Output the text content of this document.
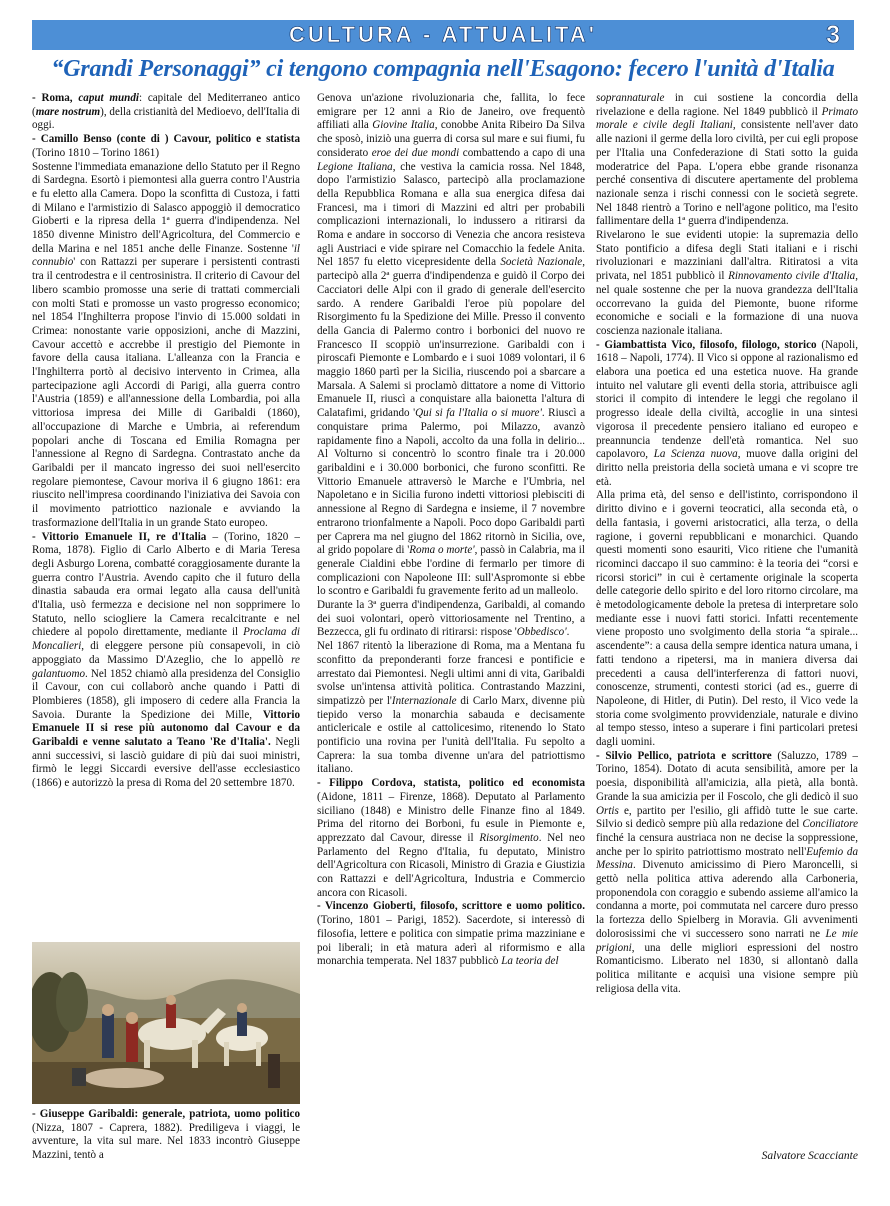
CULTURA - ATTUALITA'	3
“Grandi Personaggi” ci tengono compagnia nell'Esagono: fecero l'unità d'Italia

- Roma, caput mundi: capitale del Mediterraneo antico (mare nostrum), della cristianità del Medioevo, dell'Italia di oggi.

- Camillo Benso (conte di ) Cavour, politico e statista (Torino 1810 – Torino 1861)

Sostenne l'immediata emanazione dello Statuto per il Regno di Sardegna. Esortò i piemontesi alla guerra contro l'Austria e fu eletto alla Camera. Dopo la sconfitta di Custoza, i fatti di Milano e l'armistizio di Salasco appoggiò il democratico Gioberti e la ripresa della 1ª guerra d'indipendenza. Nel 1850 divenne Ministro dell'Agricoltura, del Commercio e della Marina e nel 1851 anche delle Finanze. Sostenne 'il connubio' con Rattazzi per superare i persistenti contrasti tra il centrodestra e il centrosinistra. Il criterio di Cavour del libero scambio promosse una serie di trattati commerciali con molti Stati e promosse un vasto progresso economico; nel 1854 l'Inghilterra propose l'invio di 15.000 soldati in Crimea: nonostante varie opposizioni, anche di Mazzini, Cavour accettò e accrebbe il prestigio del Piemonte in favore della causa italiana. L'alleanza con la Francia e l'Inghilterra portò al decisivo intervento in Crimea, alla partecipazione agli Accordi di Parigi, alla guerra contro l'Austria (1859) e all'annessione della Lombardia, poi alla vittoriosa impresa dei Mille di Garibaldi (1860), all'occupazione di Marche e Umbria, ai referendum popolari anche di Toscana ed Emilia Romagna per l'annessione al Regno di Sardegna. Contrastato anche da Garibaldi per il mancato ingresso dei suoi nell'esercito regolare piemontese, Cavour moriva il 6 giugno 1861: era riuscito nell'impresa coordinando l'iniziativa dei Savoia con il movimento patriottico nazionale e avviando la trasformazione dell'Italia in un grande Stato europeo.

- Vittorio Emanuele II, re d'Italia – (Torino, 1820 – Roma, 1878). Figlio di Carlo Alberto e di Maria Teresa degli Asburgo Lorena, combatté coraggiosamente durante la guerra contro l'Austria. Avendo capito che il futuro della dinastia sabauda era ormai legato alla causa dell'unità d'Italia, usò fermezza e decisione nel non sopprimere lo Statuto, nello sciogliere la Camera recalcitrante e nel chiedere al popolo direttamente, mediante il Proclama di Moncalieri, di eleggere persone più consapevoli, in ciò appoggiato da Massimo D'Azeglio, che lo appellò re galantuomo. Nel 1852 chiamò alla presidenza del Consiglio il Cavour, con cui collaborò anche quando i Patti di Plombieres (1858), gli imposero di cedere alla Francia la Savoia. Durante la Spedizione dei Mille, Vittorio Emanuele II si rese più autonomo dal Cavour e da Garibaldi e venne salutato a Teano 'Re d'Italia'. Negli anni successivi, si lasciò guidare di più dai suoi ministri, firmò le leggi Siccardi eversive dell'asse ecclesiastico (1866) e autorizzò la presa di Roma del 20 settembre 1870.

- Giuseppe Garibaldi: generale, patriota, uomo politico (Nizza, 1807 - Caprera, 1882). Prediligeva i viaggi, le avventure, la vita sul mare. Nel 1833 incontrò Giuseppe Mazzini, tentò a

Genova un'azione rivoluzionaria che, fallita, lo fece emigrare per 12 anni a Rio de Janeiro, ove frequentò affiliati alla Giovine Italia, conobbe Anita Ribeiro Da Silva che sposò, iniziò una guerra di corsa sul mare e sui fiumi, fu considerato eroe dei due mondi combattendo a capo di una Legione Italiana, che vestiva la camicia rossa. Nel 1848, dopo l'armistizio Salasco, partecipò alla proclamazione della Repubblica Romana e alla sua energica difesa dai Francesi, ma i timori di Mazzini ed altri per probabili complicazioni internazionali, lo indussero a ritirarsi da Roma e andare in soccorso di Venezia che ancora resisteva agli Austriaci e vide spirare nel Comacchio la fedele Anita. Nel 1857 fu eletto vicepresidente della Società Nazionale, partecipò alla 2ª guerra d'indipendenza e guidò il Corpo dei Cacciatori delle Alpi con il grado di generale dell'esercito sardo. A rendere Garibaldi l'eroe più popolare del Risorgimento fu la Spedizione dei Mille. Presso il convento della Gancia di Palermo contro i borbonici del nuovo re Francesco II scoppiò un'insurrezione. Garibaldi con i piroscafi Piemonte e Lombardo e i suoi 1089 volontari, il 6 maggio 1860 partì per la Sicilia, riuscendo poi a sbarcare a Marsala. A Salemi si proclamò dittatore a nome di Vittorio Emanuele II, riuscì a conquistare alla baionetta l'altura di Calatafimi, gridando 'Qui si fa l'Italia o si muore'. Riuscì a conquistare prima Palermo, poi Milazzo, avanzò rapidamente fino a Napoli, accolto da una folla in delirio... Al Volturno si concentrò lo scontro finale tra i 20.000 garibaldini e i 30.000 borbonici, che furono sconfitti. Re Vittorio Emanuele attraversò le Marche e l'Umbria, nel Napoletano e in Sicilia furono indetti vittoriosi plebisciti di annessione al Regno di Sardegna e insieme, il 7 novembre entrarono trionfalmente a Napoli. Poco dopo Garibaldi partì per Caprera ma nel giugno del 1862 ritornò in Sicilia, ove, al grido popolare di 'Roma o morte', passò in Calabria, ma il generale Cialdini ebbe l'ordine di fermarlo per timore di complicazioni con Napoleone III: sull'Aspromonte si ebbe lo scontro e Garibaldi fu gravemente ferito ad un malleolo.

Durante la 3ª guerra d'indipendenza, Garibaldi, al comando dei suoi volontari, operò vittoriosamente nel Trentino, a Bezzecca, gli fu ordinato di ritirarsi: rispose 'Obbedisco'.

Nel 1867 ritentò la liberazione di Roma, ma a Mentana fu sconfitto da preponderanti forze francesi e pontificie e arrestato dai Piemontesi. Negli ultimi anni di vita, Garibaldi svolse un'intensa attività politica. Contrastando Mazzini, simpatizzò per l'Internazionale di Carlo Marx, divenne più tiepido verso la monarchia sabauda e decisamente anticlericale e ostile al cattolicesimo, ritenendo lo Stato pontificio una rovina per l'unità dell'Italia. Fu sepolto a Caprera: la sua tomba divenne un'ara del patriottismo italiano.

- Filippo Cordova, statista, politico ed economista (Aidone, 1811 – Firenze, 1868). Deputato al Parlamento siciliano (1848) e Ministro delle Finanze fino al 1849. Prima del ritorno dei Borboni, fu esule in Piemonte e, apprezzato dal Cavour, diresse il Risorgimento. Nel neo Parlamento del Regno d'Italia, fu deputato, Ministro dell'Agricoltura con Ricasoli, Ministro di Grazia e Giustizia con Rattazzi e dell'Agricoltura, Industria e Commercio ancora con Ricasoli.

- Vincenzo Gioberti, filosofo, scrittore e uomo politico. (Torino, 1801 – Parigi, 1852). Sacerdote, si interessò di filosofia, lettere e politica con simpatie prima mazziniane e poi liberali; in età matura aderì al riformismo e alla monarchia temperata. Nel 1837 pubblicò La teoria del

soprannaturale in cui sostiene la concordia della rivelazione e della ragione. Nel 1849 pubblicò il Primato morale e civile degli Italiani, consistente nell'aver dato alle nazioni il germe della loro civiltà, per cui egli propose per l'Italia una Confederazione di Stati sotto la guida moderatrice del Papa. L'opera ebbe grande risonanza perché consentiva di discutere apertamente del problema nazionale senza i rischi connessi con le società segrete. Nel 1848 rientrò a Torino e nell'agone politico, ma l'esito fallimentare della 1ª guerra d'indipendenza.

Rivelarono le sue evidenti utopie: la supremazia dello Stato pontificio a difesa degli Stati italiani e i rischi rivoluzionari e mazziniani dall'altra. Ritiratosi a vita privata, nel 1851 pubblicò il Rinnovamento civile d'Italia, nel quale sostenne che per la nuova grandezza dell'Italia occorrevano la guida del Piemonte, buone riforme economiche e sociali e la formazione di una nuova coscienza nazionale italiana.

- Giambattista Vico, filosofo, filologo, storico (Napoli, 1618 – Napoli, 1774). Il Vico si oppone al razionalismo ed elabora una poetica ed una estetica nuove. Ha grande intuito nel valutare gli eventi della storia, attribuisce agli storici il compito di intendere le leggi che regolano il progresso ideale della civiltà, accoglie in una sintesi vigorosa il precedente pensiero italiano ed europeo e preannuncia tendenze dell'età romantica. Nel suo capolavoro, La Scienza nuova, muove dalla origini del diritto nella preistoria della società umana e vi scopre tre età.

Alla prima età, del senso e dell'istinto, corrispondono il diritto divino e i governi teocratici, alla seconda età, o della fantasia, i governi aristocratici, alla terza, o della ragione, i governi repubblicani e monarchici. Quando questi momenti sono esauriti, Vico ritiene che l'umanità ricominci daccapo il suo cammino: è la teoria dei “corsi e ricorsi storici” in cui è certamente originale la scoperta delle categorie dello spirito e del loro ritorno circolare, ma è metodologicamente debole la pretesa di interpretare solo mediante esse i nuovi fatti storici. Infatti recentemente viene proposto uno svolgimento della storia “a spirale... ascendente”: a causa della sempre identica natura umana, i fatti tendono a ripetersi, ma in maniera diversa dai precedenti a causa dell'interferenza di fattori nuovi, conoscenze, strumenti, contesti storici (ad es., guerre di Napoleone, di Hitler, di Putin). Del resto, il Vico vede la storia come svolgimento provvidenziale, naturale e divino al tempo stesso, inteso a superare i fini particolari pretesi dagli uomini.

- Silvio Pellico, patriota e scrittore (Saluzzo, 1789 – Torino, 1854). Dotato di acuta sensibilità, amore per la poesia, disponibilità all'amicizia, alla pietà, alla bontà. Grande la sua amicizia per il Foscolo, che gli dedicò il suo Ortis e, partito per l'esilio, gli affidò tutte le sue carte. Silvio si dedicò sempre più alla redazione del Conciliatore finché la censura austriaca non ne decise la soppressione, anche per lo spirito patriottismo mostrato nell'Eufemio da Messina. Divenuto amicissimo di Piero Maroncelli, si gettò nella politica attiva aderendo alla Carboneria, proponendola con coraggio e subendo assieme all'amico la condanna a morte, poi commutata nel carcere duro presso la fortezza dello Spielberg in Moravia. Gli avvenimenti dolorosissimi che vi successero sono narrati ne Le mie prigioni, una delle migliori espressioni del nostro Romanticismo. Liberato nel 1830, si allontanò dalla politica militante e acquisì una visione sempre più religiosa della vita.

Salvatore Scacciante
